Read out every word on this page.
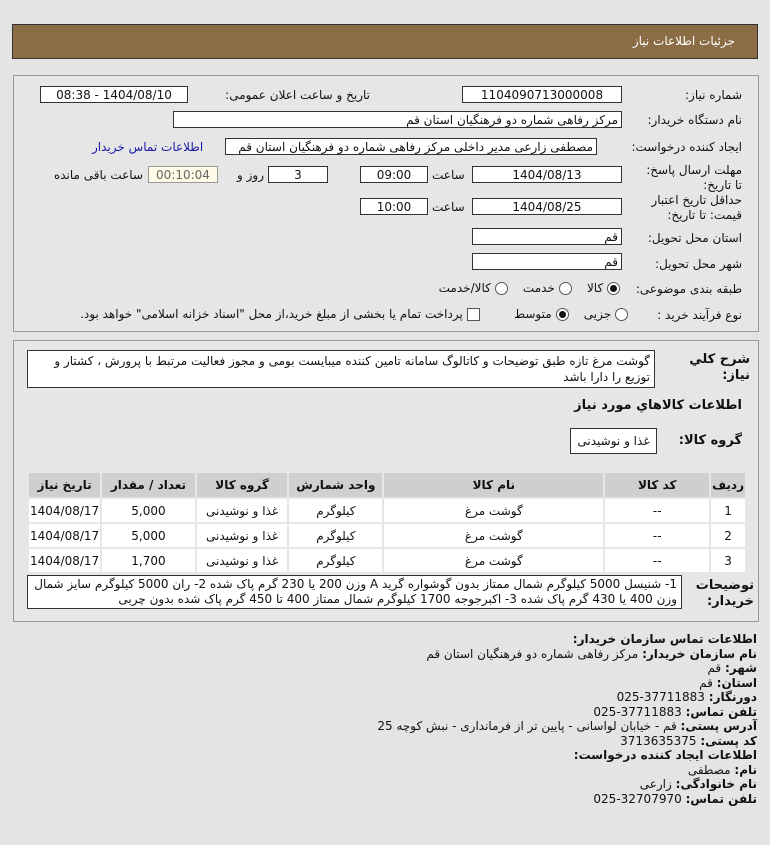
جزئیات اطلاعات نیاز
شماره نیاز:
1104090713000008
تاریخ و ساعت اعلان عمومی:
1404/08/10 - 08:38
نام دستگاه خریدار:
مرکز رفاهی شماره دو فرهنگیان استان قم
ایجاد کننده درخواست:
مصطفی زارعی مدیر داخلی مرکز رفاهی شماره دو فرهنگیان استان قم
اطلاعات تماس خریدار
مهلت ارسال پاسخ: تا تاریخ:
1404/08/13
ساعت
09:00
3
روز و
00:10:04
ساعت باقی مانده
حداقل تاریخ اعتبار قیمت: تا تاریخ:
1404/08/25
ساعت
10:00
استان محل تحویل:
قم
شهر محل تحویل:
قم
طبقه بندی موضوعی:
کالا     خدمت     کالا/خدمت
نوع فرآیند خرید :
جزیی     متوسط          پرداخت تمام یا بخشی از مبلغ خرید،از محل "اسناد خزانه اسلامی" خواهد بود.
شرح کلي نیاز:
گوشت مرغ تازه طبق توضیحات و کاتالوگ سامانه تامین کننده میبایست بومی و مجوز فعالیت مرتبط با پرورش ، کشتار و توزیع را دارا باشد
اطلاعات کالاهاي مورد نیاز
گروه کالا:
غذا و نوشیدنی
ردیف	کد کالا	نام کالا	واحد شمارش	گروه کالا	تعداد / مقدار	تاریخ نیاز
1	--	گوشت مرغ	کیلوگرم	غذا و نوشیدنی	5,000	1404/08/17
2	--	گوشت مرغ	کیلوگرم	غذا و نوشیدنی	5,000	1404/08/17
3	--	گوشت مرغ	کیلوگرم	غذا و نوشیدنی	1,700	1404/08/17
توضیحات خریدار:
1- شنیسل 5000 کیلوگرم شمال ممتاز بدون گوشواره گرید A وزن 200 یا 230 گرم پاک شده 2- ران 5000 کیلوگرم سایز شمال وزن 400 یا 430 گرم پاک شده 3- اکبرجوجه 1700 کیلوگرم شمال ممتاز 400 تا 450 گرم پاک شده بدون چربی
اطلاعات تماس سازمان خریدار:
نام سازمان خریدار: مرکز رفاهی شماره دو فرهنگیان استان قم
شهر: قم
استان: قم
دورنگار: 37711883-025
تلفن تماس: 37711883-025
آدرس پستی: قم - خیابان لواسانی - پایین تر از فرمانداری - نبش کوچه 25
کد پستی: 3713635375
اطلاعات ایجاد کننده درخواست:
نام: مصطفی
نام خانوادگی: زارعی
تلفن تماس: 32707970-025
